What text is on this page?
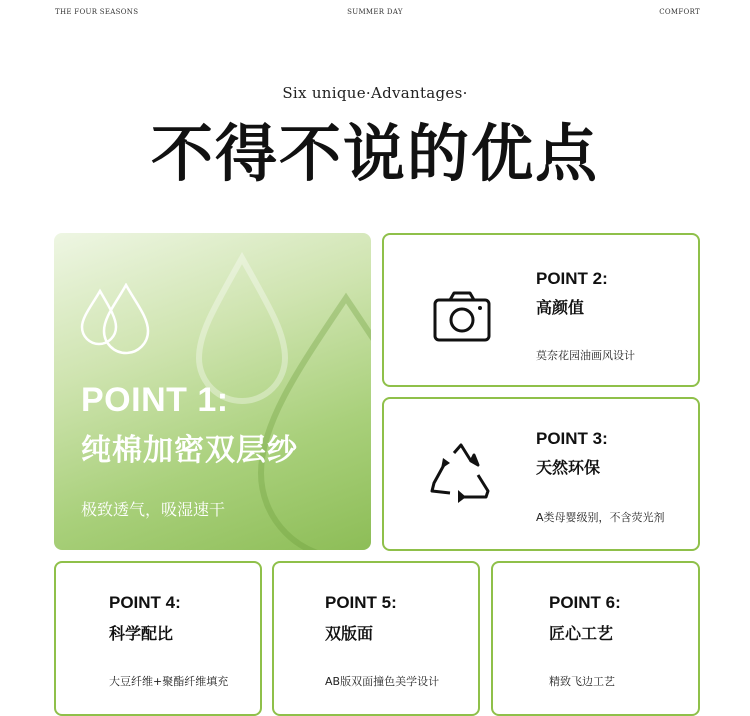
THE FOUR SEASONS	SUMMER DAY	COMFORT
Six unique·Advantages·
不得不说的优点
POINT 1:
纯棉加密双层纱
极致透气，吸湿速干
POINT 2:
高颜值
莫奈花园油画风设计
POINT 3:
天然环保
A类母婴级别，不含荧光剂
POINT 4:
科学配比
大豆纤维+聚酯纤维填充
POINT 5:
双版面
AB版双面撞色美学设计
POINT 6:
匠心工艺
精致飞边工艺
